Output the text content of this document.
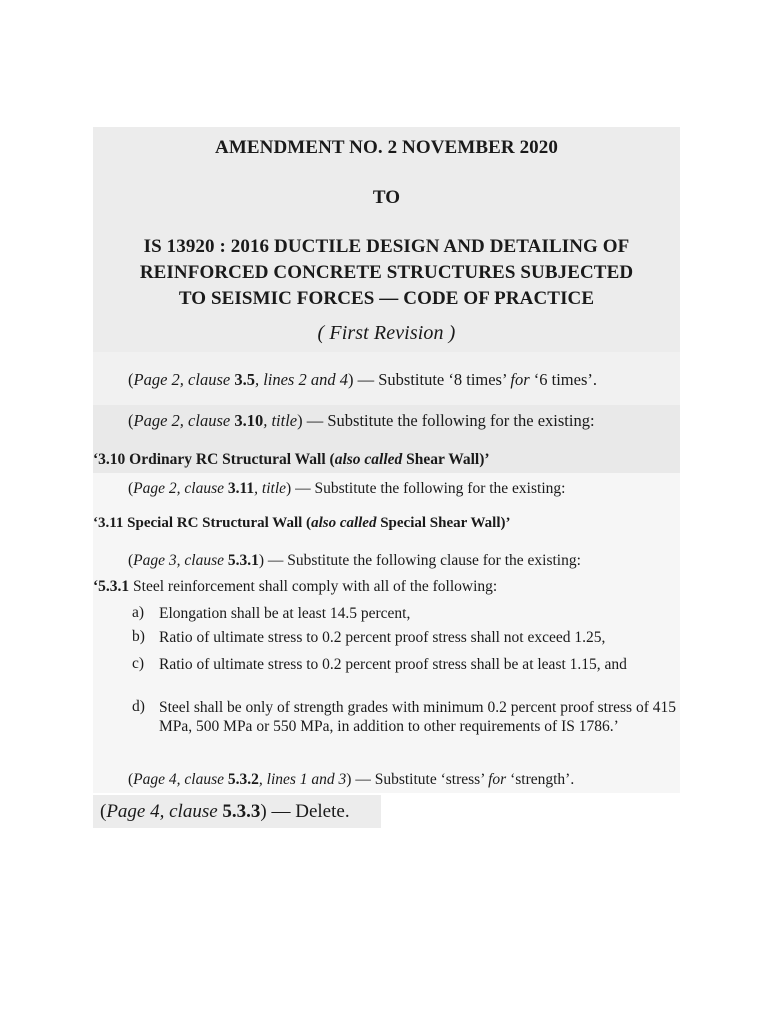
AMENDMENT NO. 2 NOVEMBER 2020
TO
IS 13920 : 2016 DUCTILE DESIGN AND DETAILING OF
REINFORCED CONCRETE STRUCTURES SUBJECTED
TO SEISMIC FORCES — CODE OF PRACTICE
( First Revision )
(Page 2, clause 3.5, lines 2 and 4) — Substitute ‘8 times’ for ‘6 times’.
(Page 2, clause 3.10, title) — Substitute the following for the existing:
‘3.10 Ordinary RC Structural Wall (also called Shear Wall)’
(Page 2, clause 3.11, title) — Substitute the following for the existing:
‘3.11 Special RC Structural Wall (also called Special Shear Wall)’
(Page 3, clause 5.3.1) — Substitute the following clause for the existing:
‘5.3.1 Steel reinforcement shall comply with all of the following:
a) Elongation shall be at least 14.5 percent,
b) Ratio of ultimate stress to 0.2 percent proof stress shall not exceed 1.25,
c) Ratio of ultimate stress to 0.2 percent proof stress shall be at least 1.15, and
d) Steel shall be only of strength grades with minimum 0.2 percent proof stress of 415 MPa, 500 MPa or 550 MPa, in addition to other requirements of IS 1786.’
(Page 4, clause 5.3.2, lines 1 and 3) — Substitute ‘stress’ for ‘strength’.
(Page 4, clause 5.3.3) — Delete.
